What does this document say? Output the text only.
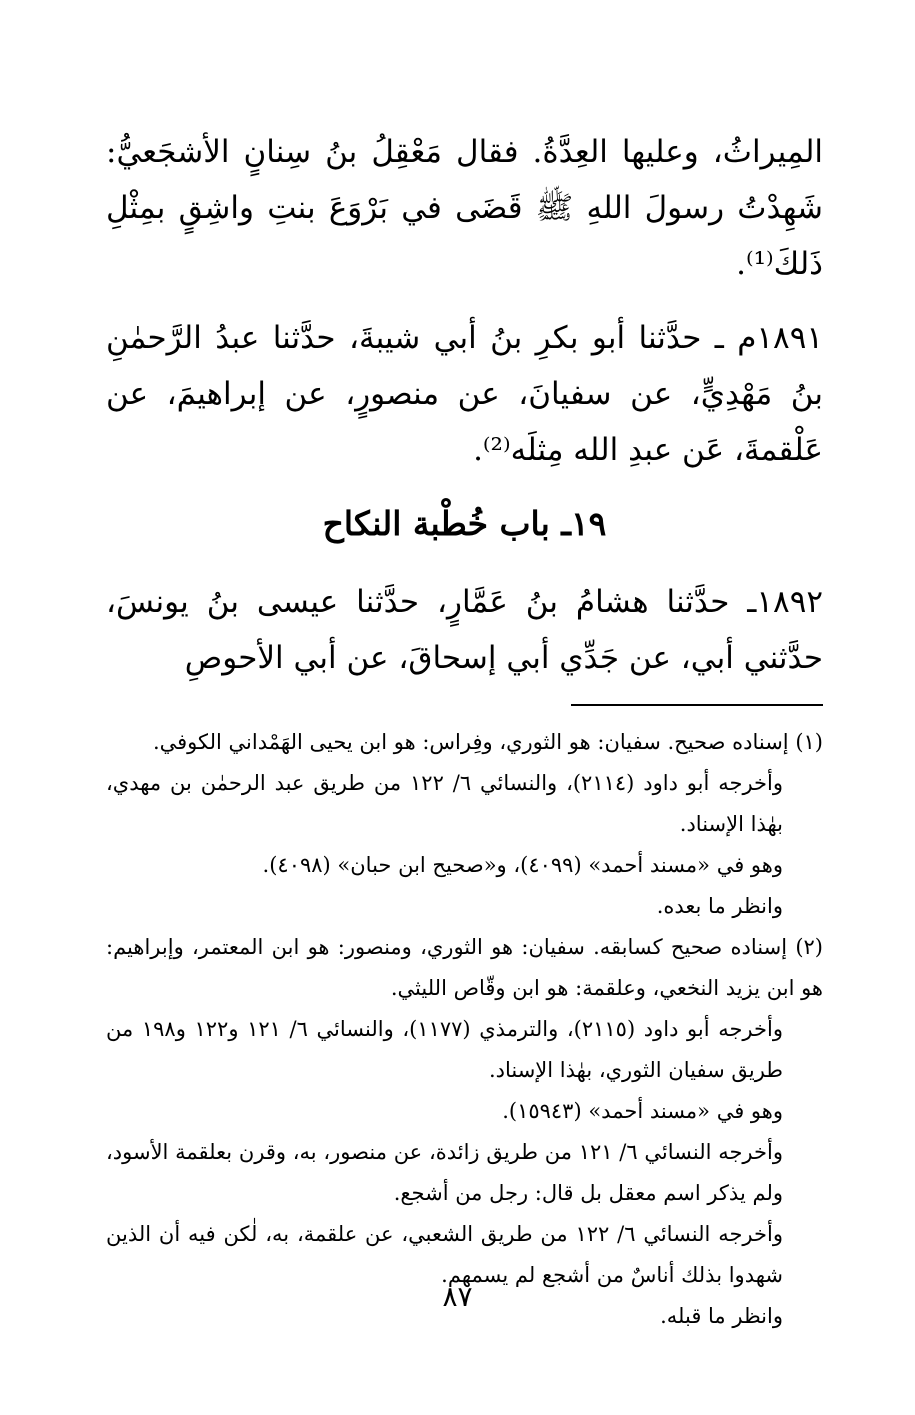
المِيراثُ، وعليها العِدَّةُ. فقال مَعْقِلُ بنُ سِنانٍ الأشجَعيُّ: شَهِدْتُ رسولَ اللهِ ﷺ قَضَى في بَرْوَعَ بنتِ واشِقٍ بمِثْلِ ذَلكَ⁽¹⁾.

١٨٩١م ـ حدَّثنا أبو بكرِ بنُ أبي شيبةَ، حدَّثنا عبدُ الرَّحمٰنِ بنُ مَهْدِيٍّ، عن سفيانَ، عن منصورٍ، عن إبراهيمَ، عن عَلْقمةَ، عَن عبدِ الله مِثلَه⁽²⁾.

١٩ـ باب خُطْبة النكاح

١٨٩٢ـ حدَّثنا هشامُ بنُ عَمَّارٍ، حدَّثنا عيسى بنُ يونسَ، حدَّثني أبي، عن جَدِّي أبي إسحاقَ، عن أبي الأحوصِ

(١) إسناده صحيح. سفيان: هو الثوري، وفِراس: هو ابن يحيى الهَمْداني الكوفي.

وأخرجه أبو داود (٢١١٤)، والنسائي ٦/ ١٢٢ من طريق عبد الرحمٰن بن مهدي، بهٰذا الإسناد.

وهو في «مسند أحمد» (٤٠٩٩)، و«صحيح ابن حبان» (٤٠٩٨).

وانظر ما بعده.

(٢) إسناده صحيح كسابقه. سفيان: هو الثوري، ومنصور: هو ابن المعتمر، وإبراهيم: هو ابن يزيد النخعي، وعلقمة: هو ابن وقّاص الليثي.

وأخرجه أبو داود (٢١١٥)، والترمذي (١١٧٧)، والنسائي ٦/ ١٢١ و١٢٢ و١٩٨ من طريق سفيان الثوري، بهٰذا الإسناد.

وهو في «مسند أحمد» (١٥٩٤٣).

وأخرجه النسائي ٦/ ١٢١ من طريق زائدة، عن منصور، به، وقرن بعلقمة الأسود، ولم يذكر اسم معقل بل قال: رجل من أشجع.

وأخرجه النسائي ٦/ ١٢٢ من طريق الشعبي، عن علقمة، به، لٰكن فيه أن الذين شهدوا بذلك أناسٌ من أشجع لم يسمهم.

وانظر ما قبله.

٨٧
